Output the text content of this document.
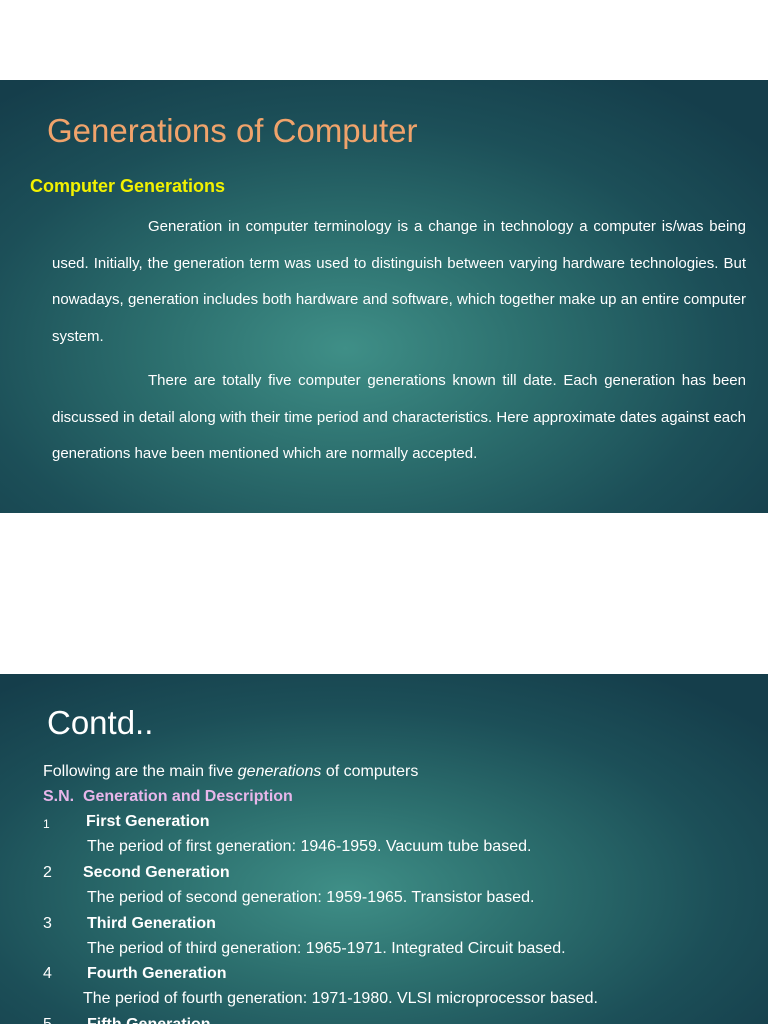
Generations of Computer
Computer Generations

Generation in computer terminology is a change in technology a computer is/was being used. Initially, the generation term was used to distinguish between varying hardware technologies. But nowadays, generation includes both hardware and software, which together make up an entire computer system.

There are totally five computer generations known till date. Each generation has been discussed in detail along with their time period and characteristics. Here approximate dates against each generations have been mentioned which are normally accepted.

Contd..

Following are the main five generations of computers

S.N.  Generation and Description

1 First Generation
The period of first generation: 1946-1959. Vacuum tube based.
2 Second Generation
The period of second generation: 1959-1965. Transistor based.
3 Third Generation
The period of third generation: 1965-1971. Integrated Circuit based.
4 Fourth Generation
The period of fourth generation: 1971-1980. VLSI microprocessor based.
5 Fifth Generation
